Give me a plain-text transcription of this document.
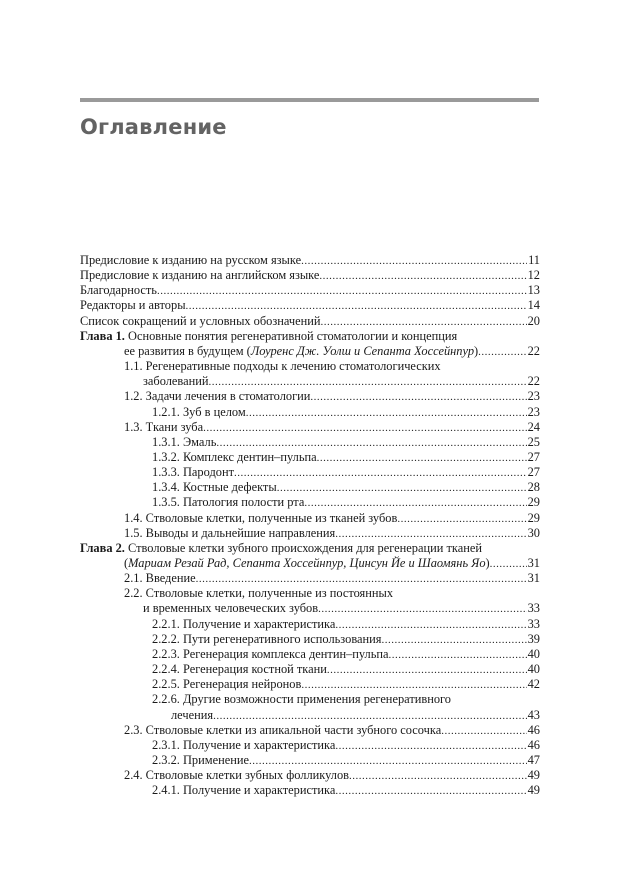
Оглавление
Предисловие к изданию на русском языке .....	11
Предисловие к изданию на английском языке .....	12
Благодарность .....	13
Редакторы и авторы .....	14
Список сокращений и условных обозначений .....	20
Глава 1. Основные понятия регенеративной стоматологии и концепция
ее развития в будущем (Лоуренс Дж. Уолш и Сепанта Хоссейнпур) .....	22
1.1. Регенеративные подходы к лечению стоматологических
заболеваний .....	22
1.2. Задачи лечения в стоматологии .....	23
1.2.1. Зуб в целом .....	23
1.3. Ткани зуба .....	24
1.3.1. Эмаль .....	25
1.3.2. Комплекс дентин–пульпа .....	27
1.3.3. Пародонт .....	27
1.3.4. Костные дефекты .....	28
1.3.5. Патология полости рта .....	29
1.4. Стволовые клетки, полученные из тканей зубов .....	29
1.5. Выводы и дальнейшие направления .....	30
Глава 2. Стволовые клетки зубного происхождения для регенерации тканей
(Мариам Резай Рад, Сепанта Хоссейнпур, Цинсун Йе и Шаомянь Яо) .....	31
2.1. Введение .....	31
2.2. Стволовые клетки, полученные из постоянных
и временных человеческих зубов .....	33
2.2.1. Получение и характеристика .....	33
2.2.2. Пути регенеративного использования .....	39
2.2.3. Регенерация комплекса дентин–пульпа .....	40
2.2.4. Регенерация костной ткани .....	40
2.2.5. Регенерация нейронов .....	42
2.2.6. Другие возможности применения регенеративного
лечения .....	43
2.3. Стволовые клетки из апикальной части зубного сосочка .....	46
2.3.1. Получение и характеристика .....	46
2.3.2. Применение .....	47
2.4. Стволовые клетки зубных фолликулов .....	49
2.4.1. Получение и характеристика .....	49
